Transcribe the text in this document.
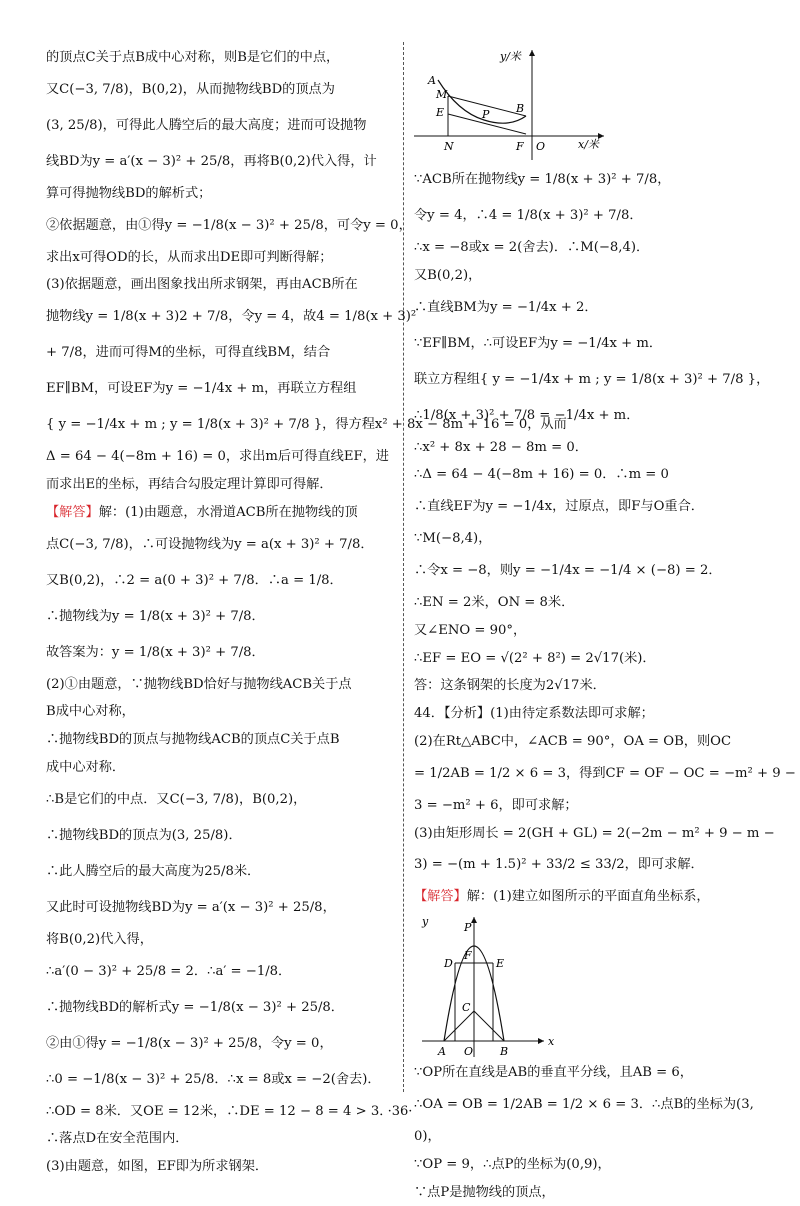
的顶点C关于点B成中心对称，则B是它们的中点，
又C(−3, 7/8)，B(0,2)，从而抛物线BD的顶点为
(3, 25/8)，可得此人腾空后的最大高度；进而可设抛物
线BD为y = a′(x − 3)² + 25/8，再将B(0,2)代入得，计
算可得抛物线BD的解析式；
②依据题意，由①得y = −1/8(x − 3)² + 25/8，可令y = 0，
求出x可得OD的长，从而求出DE即可判断得解；
(3)依据题意，画出图象找出所求钢架，再由ACB所在
抛物线y = 1/8(x + 3)2 + 7/8，令y = 4，故4 = 1/8(x + 3)²
+ 7/8，进而可得M的坐标，可得直线BM，结合
EF∥BM，可设EF为y = −1/4x + m，再联立方程组
{ y = −1/4x + m ; y = 1/8(x + 3)² + 7/8 }，得方程x² + 8x − 8m + 16 = 0，从而
Δ = 64 − 4(−8m + 16) = 0，求出m后可得直线EF，进
而求出E的坐标，再结合勾股定理计算即可得解．
【解答】解：(1)由题意，水滑道ACB所在抛物线的顶
点C(−3, 7/8)，∴可设抛物线为y = a(x + 3)² + 7/8．
又B(0,2)，∴2 = a(0 + 3)² + 7/8．∴a = 1/8．
∴抛物线为y = 1/8(x + 3)² + 7/8．
故答案为：y = 1/8(x + 3)² + 7/8．
(2)①由题意，∵抛物线BD恰好与抛物线ACB关于点
B成中心对称，
∴抛物线BD的顶点与抛物线ACB的顶点C关于点B
成中心对称．
∴B是它们的中点．又C(−3, 7/8)，B(0,2)，
∴抛物线BD的顶点为(3, 25/8)．
∴此人腾空后的最大高度为25/8米．
又此时可设抛物线BD为y = a′(x − 3)² + 25/8，
将B(0,2)代入得，
∴a′(0 − 3)² + 25/8 = 2．∴a′ = −1/8．
∴抛物线BD的解析式y = −1/8(x − 3)² + 25/8．
②由①得y = −1/8(x − 3)² + 25/8，令y = 0，
∴0 = −1/8(x − 3)² + 25/8．∴x = 8或x = −2(舍去)．
∴OD = 8米．又OE = 12米，∴DE = 12 − 8 = 4 > 3．
∴落点D在安全范围内．
(3)由题意，如图，EF即为所求钢架．
y/米
x/米
A
M
E
N
P B
F O
∵ACB所在抛物线y = 1/8(x + 3)² + 7/8，
令y = 4，∴4 = 1/8(x + 3)² + 7/8．
∴x = −8或x = 2(舍去)．∴M(−8,4)．
又B(0,2)，
∴直线BM为y = −1/4x + 2．
∵EF∥BM，∴可设EF为y = −1/4x + m．
联立方程组{ y = −1/4x + m ; y = 1/8(x + 3)² + 7/8 }，
∴1/8(x + 3)² + 7/8 = −1/4x + m．
∴x² + 8x + 28 − 8m = 0．
∴Δ = 64 − 4(−8m + 16) = 0．∴m = 0
∴直线EF为y = −1/4x，过原点，即F与O重合．
∵M(−8,4)，
∴令x = −8，则y = −1/4x = −1/4 × (−8) = 2．
∴EN = 2米，ON = 8米．
又∠ENO = 90°，
∴EF = EO = √(2² + 8²) = 2√17(米)．
答：这条钢架的长度为2√17米．
44．【分析】(1)由待定系数法即可求解；
(2)在Rt△ABC中，∠ACB = 90°，OA = OB，则OC
= 1/2AB = 1/2 × 6 = 3，得到CF = OF − OC = −m² + 9 −
3 = −m² + 6，即可求解；
(3)由矩形周长 = 2(GH + GL) = 2(−2m − m² + 9 − m −
3) = −(m + 1.5)² + 33/2 ≤ 33/2，即可求解．
【解答】解：(1)建立如图所示的平面直角坐标系，
P
D
F
E
C
A O B
y
x
∵OP所在直线是AB的垂直平分线，且AB = 6，
∴OA = OB = 1/2AB = 1/2 × 6 = 3．∴点B的坐标为(3,
0)，
∵OP = 9，∴点P的坐标为(0,9)，
∵点P是抛物线的顶点，
·36·
